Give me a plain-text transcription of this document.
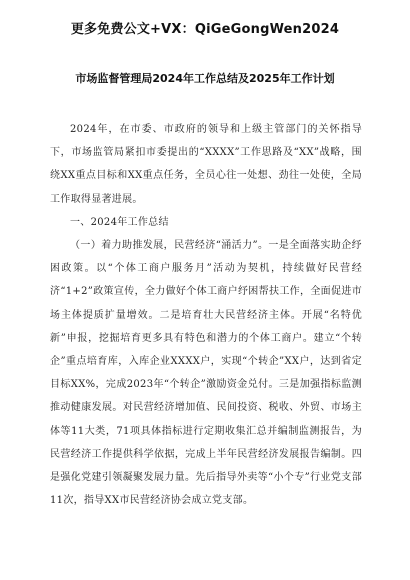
更多免费公文+VX：QiGeGongWen2024
市场监督管理局2024年工作总结及2025年工作计划

2024年，在市委、市政府的领导和上级主管部门的关怀指导下，市场监管局紧扣市委提出的“XXXX”工作思路及“XX”战略，围绕XX重点目标和XX重点任务，全员心往一处想、劲往一处使，全局工作取得显著进展。

一、2024年工作总结

（一）着力助推发展，民营经济“涌活力”。一是全面落实助企纾困政策。以“个体工商户服务月”活动为契机，持续做好民营经济“1+2”政策宣传，全力做好个体工商户纾困帮扶工作，全面促进市场主体提质扩量增效。二是培育壮大民营经济主体。开展“名特优新”申报，挖掘培育更多具有特色和潜力的个体工商户。建立“个转企”重点培育库，入库企业XXXX户，实现“个转企”XX户，达到省定目标XX%，完成2023年“个转企”激励资金兑付。三是加强指标监测推动健康发展。对民营经济增加值、民间投资、税收、外贸、市场主体等11大类，71项具体指标进行定期收集汇总并编制监测报告，为民营经济工作提供科学依据，完成上半年民营经济发展报告编制。四是强化党建引领凝聚发展力量。先后指导外卖等“小个专”行业党支部11次，指导XX市民营经济协会成立党支部。
